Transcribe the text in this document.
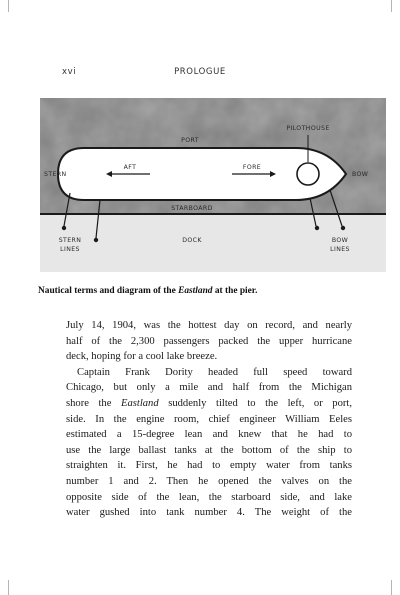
xvi	PROLOGUE
PORT
PILOTHOUSE
STERN
AFT	FORE
BOW
STARBOARD
DOCK
STERN
LINES
BOW
LINES
Nautical terms and diagram of the Eastland at the pier.
July 14, 1904, was the hottest day on record, and nearly
half of the 2,300 passengers packed the upper hurricane
deck, hoping for a cool lake breeze.
Captain Frank Dority headed full speed toward
Chicago, but only a mile and half from the Michigan
shore the Eastland suddenly tilted to the left, or port,
side. In the engine room, chief engineer William Eeles
estimated a 15-degree lean and knew that he had to
use the large ballast tanks at the bottom of the ship to
straighten it. First, he had to empty water from tanks
number 1 and 2. Then he opened the valves on the
opposite side of the lean, the starboard side, and lake
water gushed into tank number 4. The weight of the
